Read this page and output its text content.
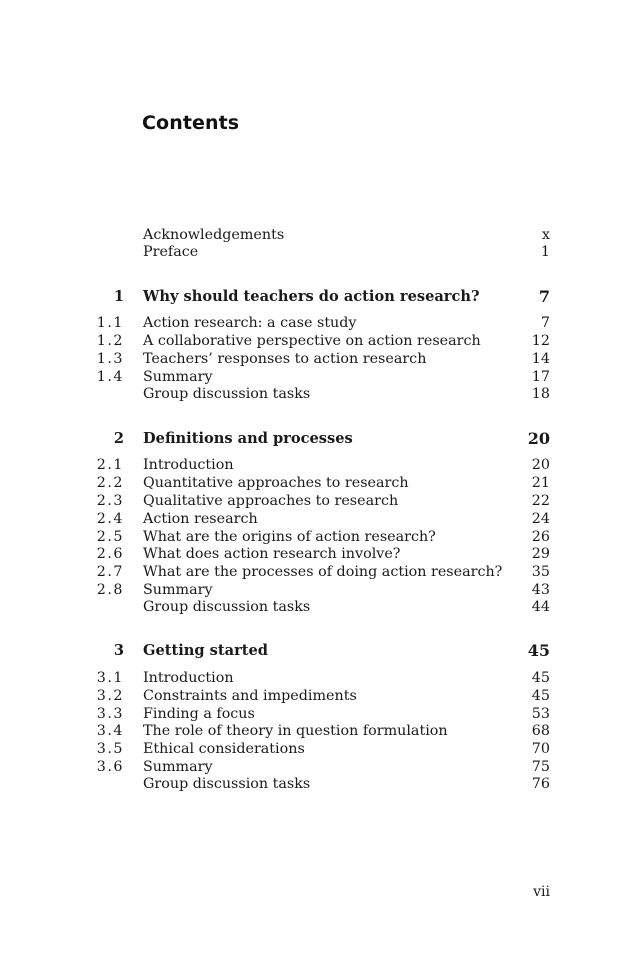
Contents
Acknowledgements	x
Preface	1
1 Why should teachers do action research?	7
1.1 Action research: a case study	7
1.2 A collaborative perspective on action research	12
1.3 Teachers’ responses to action research	14
1.4 Summary	17
Group discussion tasks	18
2 Definitions and processes	20
2.1 Introduction	20
2.2 Quantitative approaches to research	21
2.3 Qualitative approaches to research	22
2.4 Action research	24
2.5 What are the origins of action research?	26
2.6 What does action research involve?	29
2.7 What are the processes of doing action research? 35
2.8 Summary	43
Group discussion tasks	44
3 Getting started	45
3.1 Introduction	45
3.2 Constraints and impediments	45
3.3 Finding a focus	53
3.4 The role of theory in question formulation	68
3.5 Ethical considerations	70
3.6 Summary	75
Group discussion tasks	76
vii
